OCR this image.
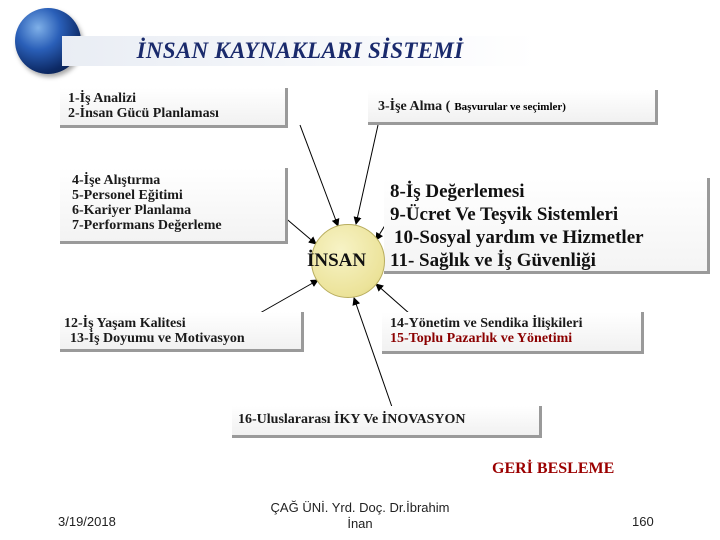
İNSAN KAYNAKLARI SİSTEMİ
1-İş Analizi
2-İnsan Gücü Planlaması	3-İşe Alma ( Başvurular ve seçimler)
4-İşe Alıştırma
5-Personel Eğitimi
6-Kariyer Planlama
7-Performans Değerleme
8-İş Değerlemesi
9-Ücret Ve Teşvik Sistemleri
10-Sosyal yardım ve Hizmetler
11- Sağlık ve İş Güvenliği
İNSAN
12-İş Yaşam Kalitesi
13-İş Doyumu ve Motivasyon
14-Yönetim ve Sendika İlişkileri
15-Toplu Pazarlık ve Yönetimi
16-Uluslararası İKY Ve İNOVASYON
GERİ BESLEME
3/19/2018
ÇAĞ ÜNİ. Yrd. Doç. Dr.İbrahim
İnan	160
